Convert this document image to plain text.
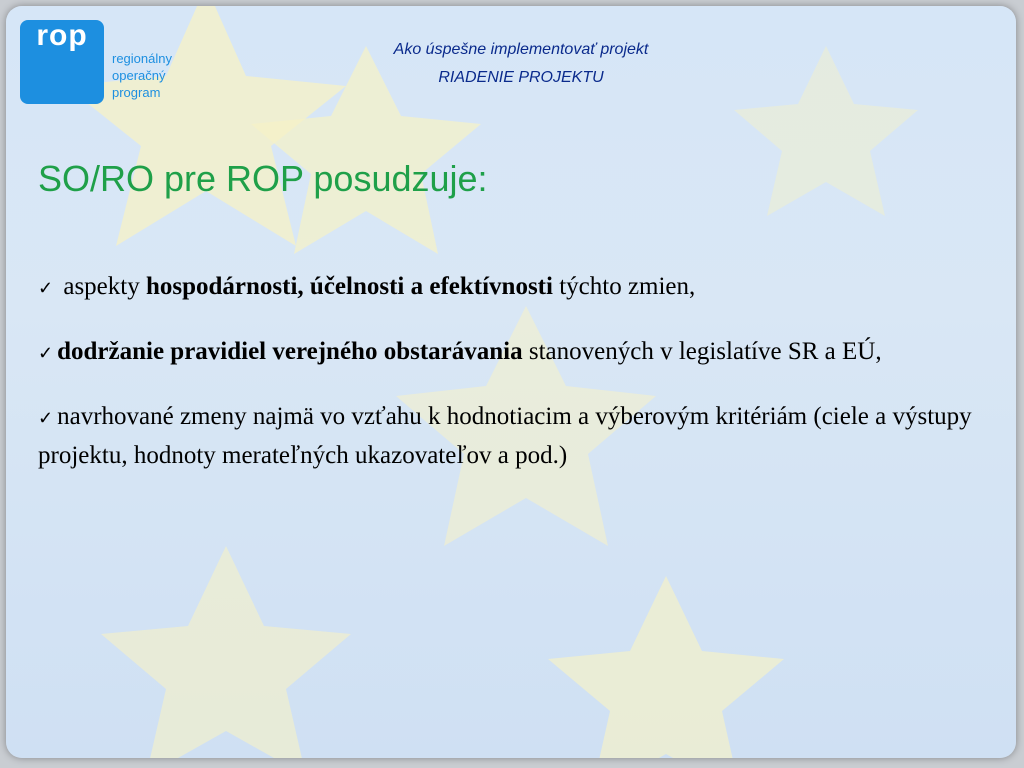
rop
regionálny
operačný
program
Ako úspešne implementovať projekt
RIADENIE PROJEKTU
SO/RO pre ROP posudzuje:
✓ aspekty hospodárnosti, účelnosti a efektívnosti týchto zmien,
✓ dodržanie pravidiel verejného obstarávania stanovených v legislatíve SR a EÚ,
✓ navrhované zmeny najmä vo vzťahu k hodnotiacim a výberovým kritériám (ciele a výstupy projektu, hodnoty merateľných ukazovateľov a pod.)
